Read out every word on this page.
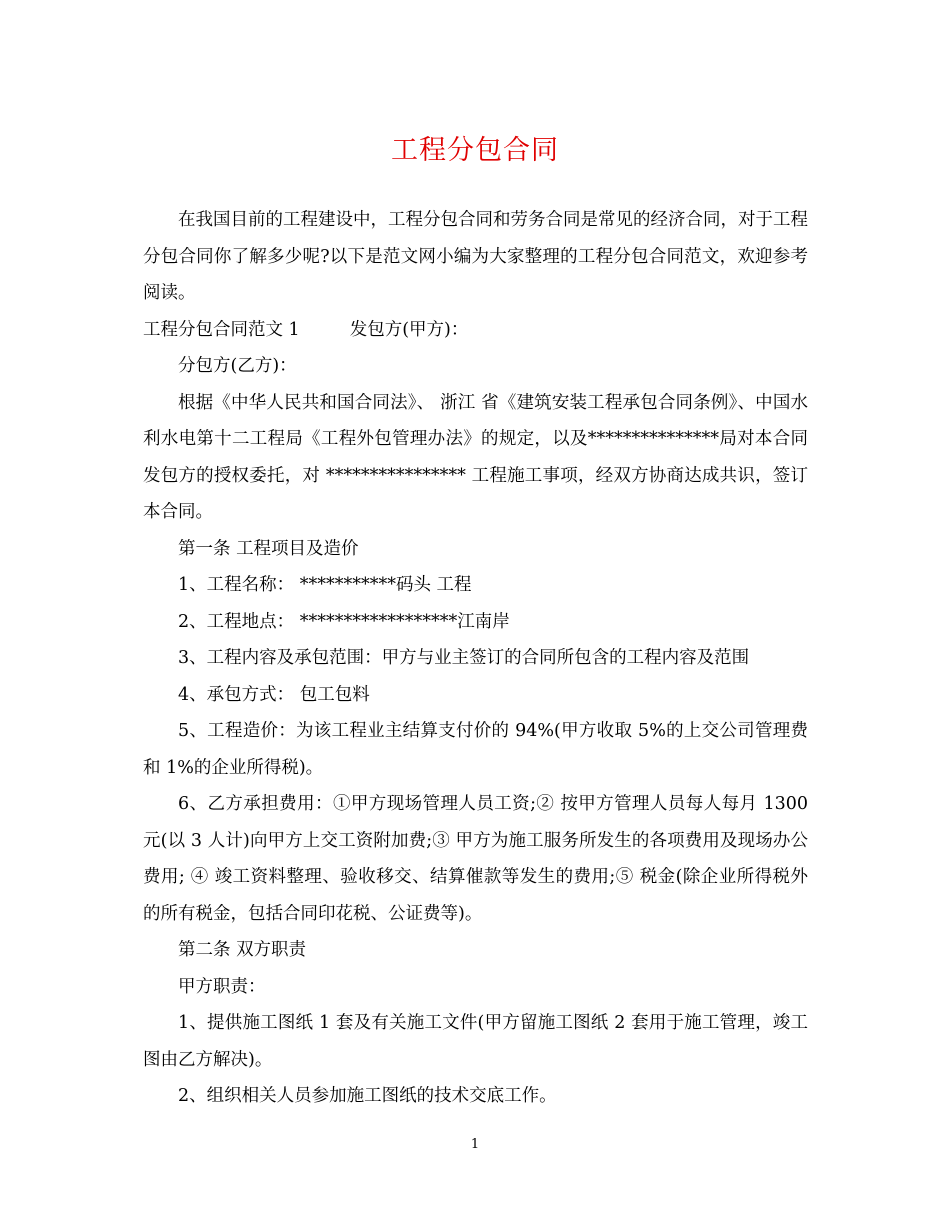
工程分包合同

在我国目前的工程建设中，工程分包合同和劳务合同是常见的经济合同，对于工程分包合同你了解多少呢?以下是范文网小编为大家整理的工程分包合同范文，欢迎参考阅读。

工程分包合同范文 1	发包方(甲方)：

分包方(乙方)：

根据《中华人民共和国合同法》、 浙江 省《建筑安装工程承包合同条例》、中国水利水电第十二工程局《工程外包管理办法》的规定，以及***************局对本合同发包方的授权委托，对 **************** 工程施工事项，经双方协商达成共识，签订本合同。

第一条 工程项目及造价

1、工程名称： ***********码头 工程

2、工程地点： ******************江南岸

3、工程内容及承包范围：甲方与业主签订的合同所包含的工程内容及范围

4、承包方式： 包工包料

5、工程造价：为该工程业主结算支付价的 94%(甲方收取 5%的上交公司管理费和 1%的企业所得税)。

6、乙方承担费用：①甲方现场管理人员工资;② 按甲方管理人员每人每月 1300 元(以 3 人计)向甲方上交工资附加费;③ 甲方为施工服务所发生的各项费用及现场办公费用; ④ 竣工资料整理、验收移交、结算催款等发生的费用;⑤ 税金(除企业所得税外的所有税金，包括合同印花税、公证费等)。

第二条 双方职责

甲方职责：

1、提供施工图纸 1 套及有关施工文件(甲方留施工图纸 2 套用于施工管理，竣工图由乙方解决)。

2、组织相关人员参加施工图纸的技术交底工作。

1
